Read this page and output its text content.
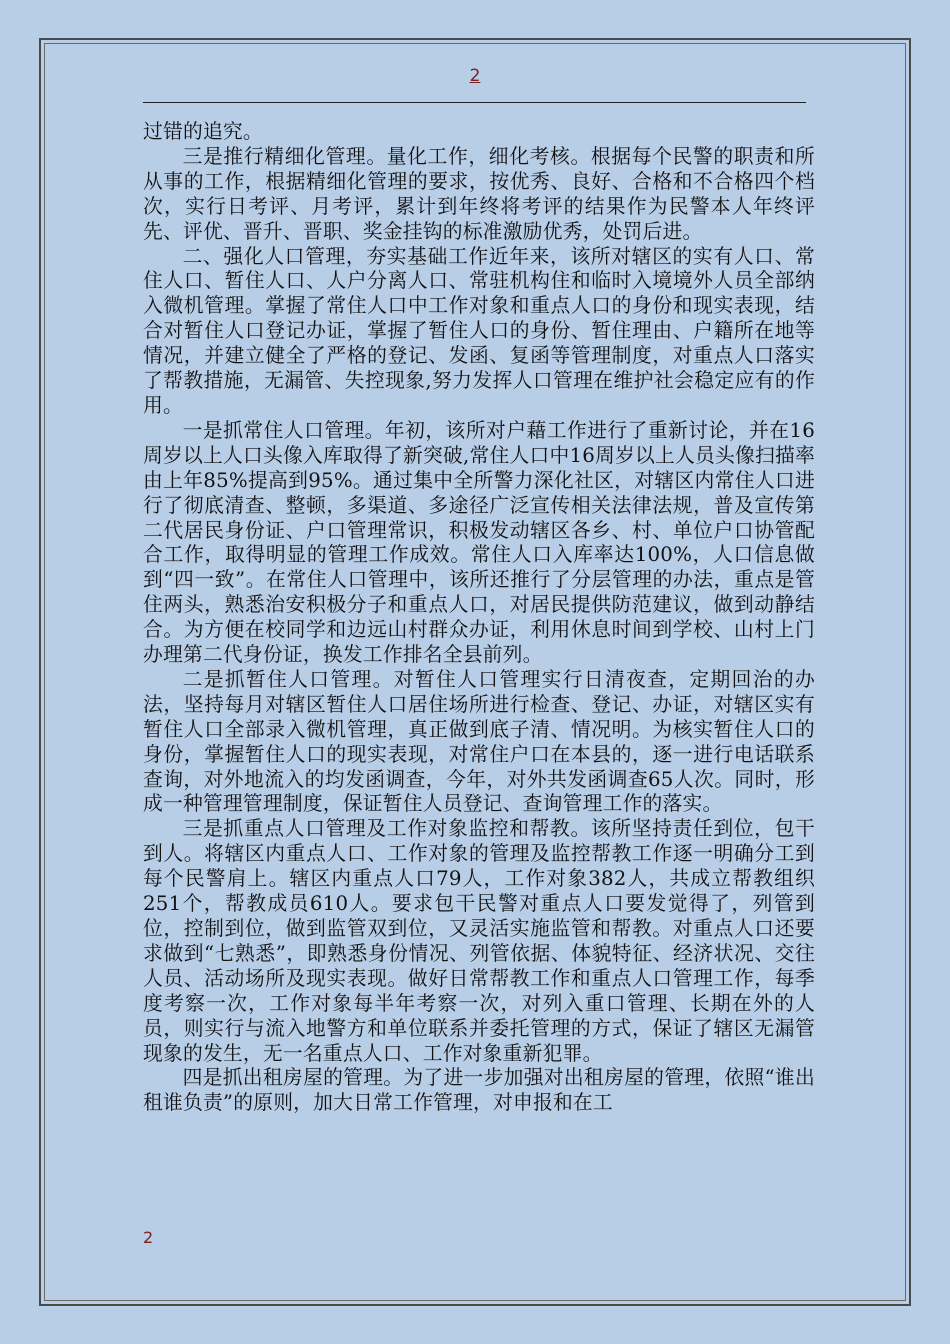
2

过错的追究。

三是推行精细化管理。量化工作，细化考核。根据每个民警的职责和所从事的工作，根据精细化管理的要求，按优秀、良好、合格和不合格四个档次，实行日考评、月考评，累计到年终将考评的结果作为民警本人年终评先、评优、晋升、晋职、奖金挂钩的标准激励优秀，处罚后进。

二、强化人口管理，夯实基础工作近年来，该所对辖区的实有人口、常住人口、暂住人口、人户分离人口、常驻机构住和临时入境境外人员全部纳入微机管理。掌握了常住人口中工作对象和重点人口的身份和现实表现，结合对暂住人口登记办证，掌握了暂住人口的身份、暂住理由、户籍所在地等情况，并建立健全了严格的登记、发函、复函等管理制度，对重点人口落实了帮教措施，无漏管、失控现象,努力发挥人口管理在维护社会稳定应有的作用。

一是抓常住人口管理。年初，该所对户藉工作进行了重新讨论，并在16周岁以上人口头像入库取得了新突破,常住人口中16周岁以上人员头像扫描率由上年85%提高到95%。通过集中全所警力深化社区，对辖区内常住人口进行了彻底清查、整顿，多渠道、多途径广泛宣传相关法律法规，普及宣传第二代居民身份证、户口管理常识，积极发动辖区各乡、村、单位户口协管配合工作，取得明显的管理工作成效。常住人口入库率达100%，人口信息做到“四一致”。在常住人口管理中，该所还推行了分层管理的办法，重点是管住两头，熟悉治安积极分子和重点人口，对居民提供防范建议，做到动静结合。为方便在校同学和边远山村群众办证，利用休息时间到学校、山村上门办理第二代身份证，换发工作排名全县前列。

二是抓暂住人口管理。对暂住人口管理实行日清夜查，定期回治的办法，坚持每月对辖区暂住人口居住场所进行检查、登记、办证，对辖区实有暂住人口全部录入微机管理，真正做到底子清、情况明。为核实暂住人口的身份，掌握暂住人口的现实表现，对常住户口在本县的，逐一进行电话联系查询，对外地流入的均发函调查，今年，对外共发函调查65人次。同时，形成一种管理管理制度，保证暂住人员登记、查询管理工作的落实。

三是抓重点人口管理及工作对象监控和帮教。该所坚持责任到位，包干到人。将辖区内重点人口、工作对象的管理及监控帮教工作逐一明确分工到每个民警肩上。辖区内重点人口79人，工作对象382人，共成立帮教组织251个，帮教成员610人。要求包干民警对重点人口要发觉得了，列管到位，控制到位，做到监管双到位，又灵活实施监管和帮教。对重点人口还要求做到“七熟悉”，即熟悉身份情况、列管依据、体貌特征、经济状况、交往人员、活动场所及现实表现。做好日常帮教工作和重点人口管理工作，每季度考察一次，工作对象每半年考察一次，对列入重口管理、长期在外的人员，则实行与流入地警方和单位联系并委托管理的方式，保证了辖区无漏管现象的发生，无一名重点人口、工作对象重新犯罪。

四是抓出租房屋的管理。为了进一步加强对出租房屋的管理，依照“谁出租谁负责”的原则，加大日常工作管理，对申报和在工

2
